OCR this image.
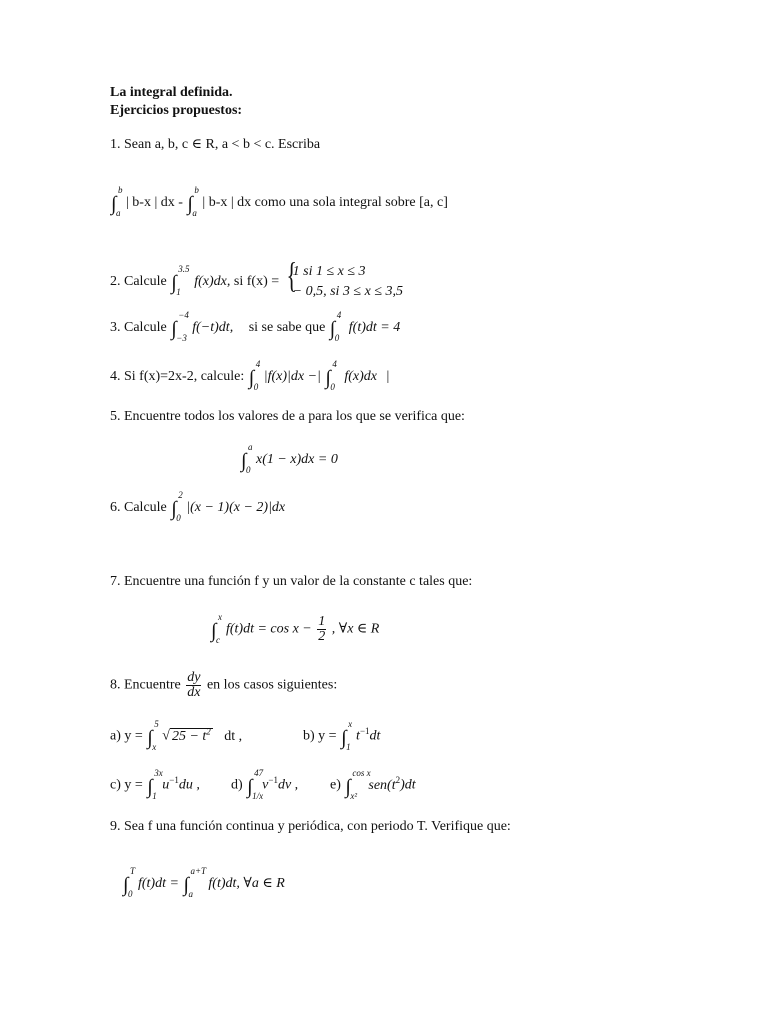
La integral definida.
Ejercicios propuestos:
1. Sean a, b, c ∈ R, a < b < c. Escriba
∫
b
a
| b-x | dx - ∫
b
a
| b-x | dx como una sola integral sobre [a, c]
2. Calcule ∫
3.5
1
f(x)dx, si f(x) = {
1 si 1 ≤ x ≤ 3
− 0,5, si 3 ≤ x ≤ 3,5
3. Calcule ∫
−4
−3
f(−t)dt, si se sabe que ∫
4
0
f(t)dt = 4
4. Si f(x)=2x-2, calcule: ∫
4
0
|f(x)|dx −| ∫
4
0
f(x)dx |
5. Encuentre todos los valores de a para los que se verifica que:
∫
a
0
x(1 − x)dx = 0
6. Calcule ∫
2
0
|(x − 1)(x − 2)|dx
7. Encuentre una función f y un valor de la constante c tales que:
∫
x
c
$f(t)dt = \cos x - \frac{1}{2}$ , ∀x ∈ R
8. Encuentre $\frac{dy}{dx}$ en los casos siguientes:
a) y = ∫
5
x
√ $25 - t^2$ dt ,	b) y = ∫
x
1
$t^{-1}dt$
c) y = ∫
3x
1
$u^{-1}du$ , d) ∫
47
1/x
$v^{-1}dv$ , e) ∫
cos x
x²
$sen(t^2)dt$
9. Sea f una función continua y periódica, con periodo T. Verifique que:
∫
T
0
f(t)dt = ∫
a+T
a
f(t)dt, ∀a ∈ R
